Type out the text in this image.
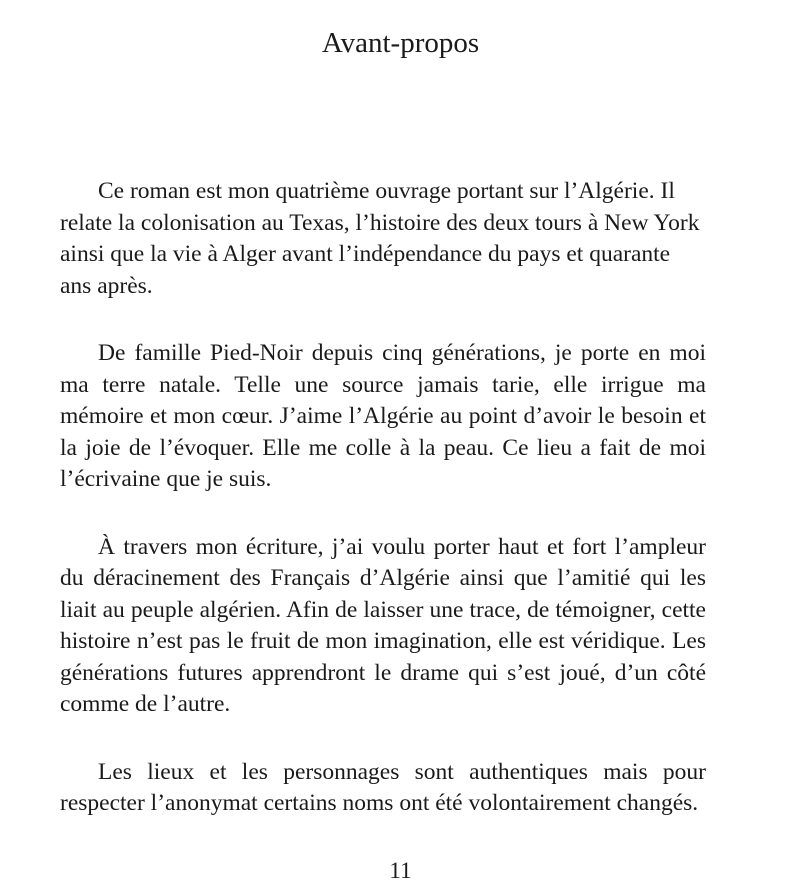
Avant-propos

Ce roman est mon quatrième ouvrage portant sur l’Algérie. Il relate la colonisation au Texas, l’histoire des deux tours à New York ainsi que la vie à Alger avant l’indépendance du pays et quarante ans après.

De famille Pied-Noir depuis cinq générations, je porte en moi ma terre natale. Telle une source jamais tarie, elle irrigue ma mémoire et mon cœur. J’aime l’Algérie au point d’avoir le besoin et la joie de l’évoquer. Elle me colle à la peau. Ce lieu a fait de moi l’écrivaine que je suis.

À travers mon écriture, j’ai voulu porter haut et fort l’ampleur du déracinement des Français d’Algérie ainsi que l’amitié qui les liait au peuple algérien. Afin de laisser une trace, de témoigner, cette histoire n’est pas le fruit de mon imagination, elle est véridique. Les générations futures apprendront le drame qui s’est joué, d’un côté comme de l’autre.

Les lieux et les personnages sont authentiques mais pour respecter l’anonymat certains noms ont été volontairement changés.

11
